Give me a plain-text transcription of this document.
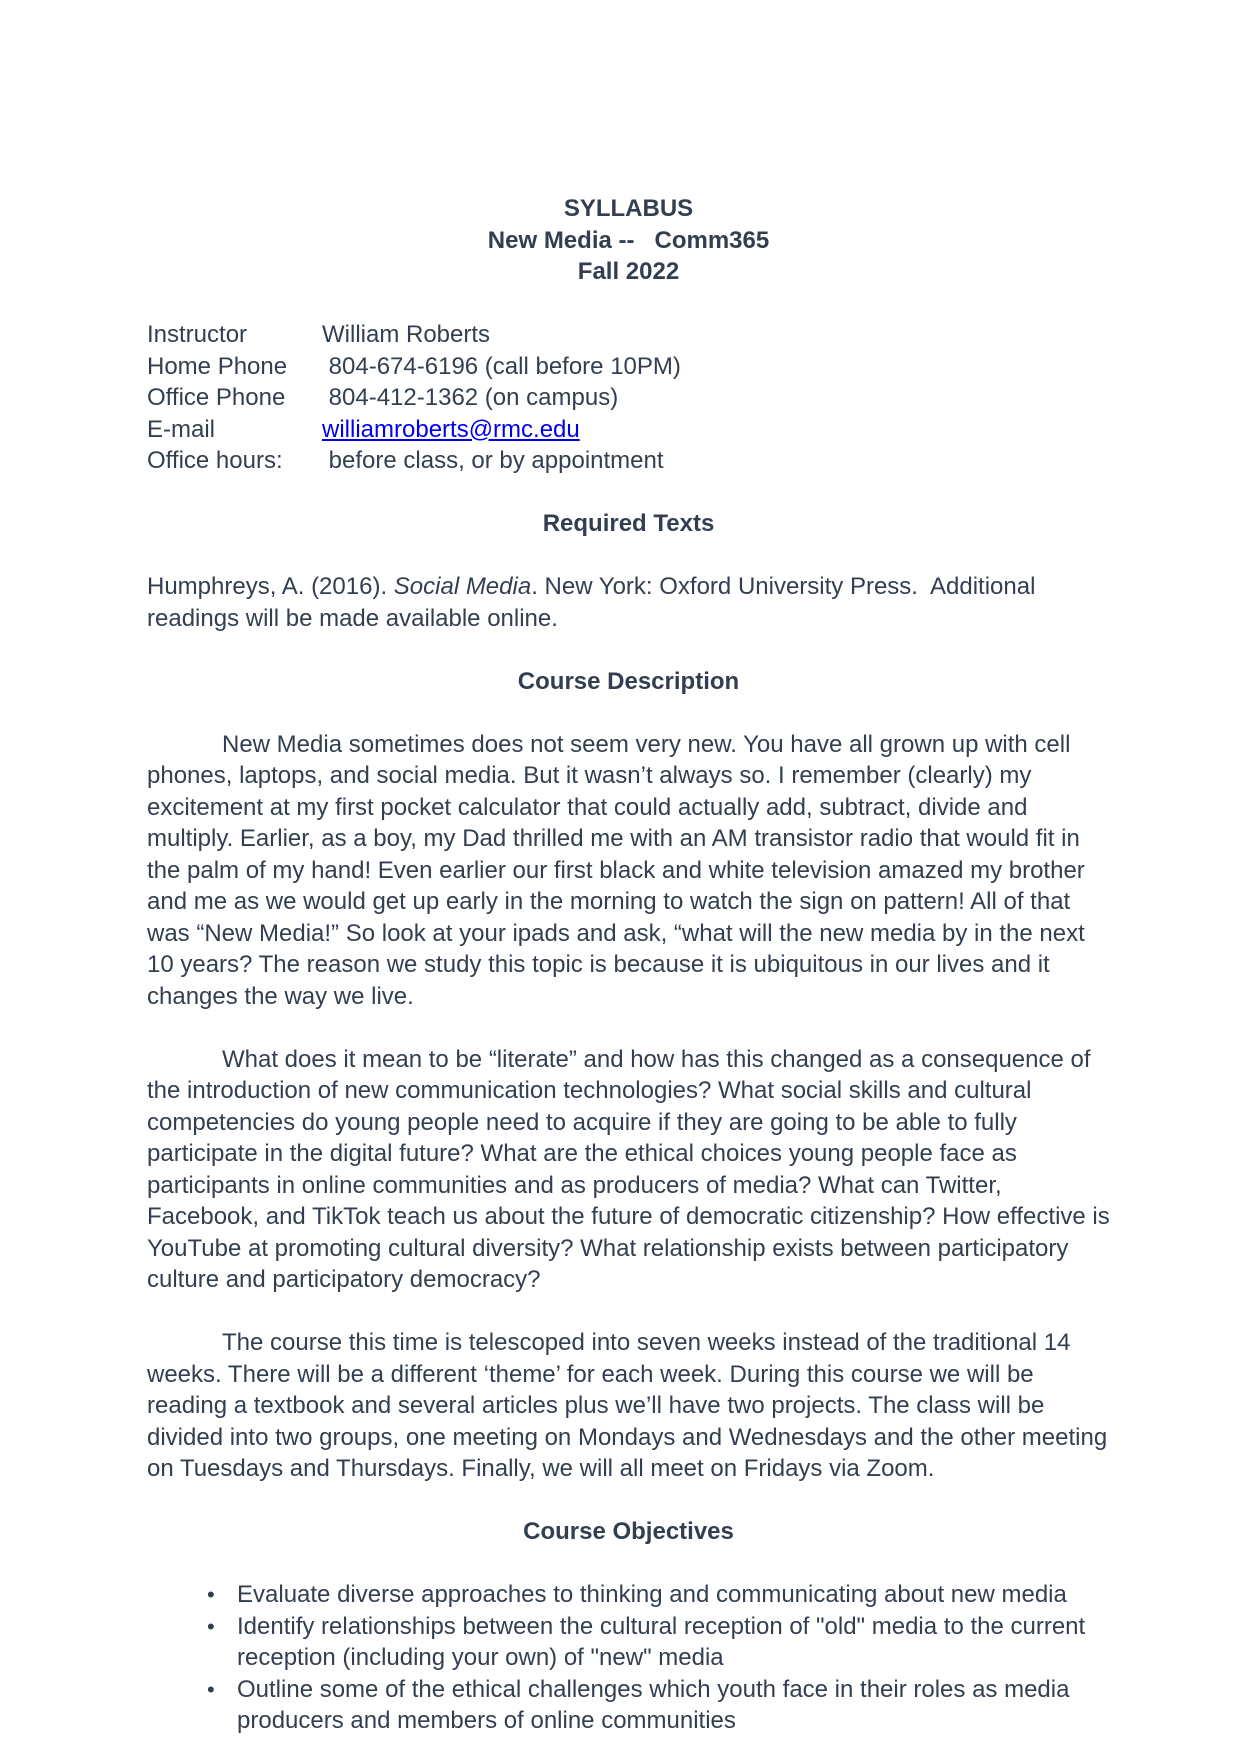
SYLLABUS
New Media --   Comm365
Fall 2022
Instructor	William Roberts
Home Phone	804-674-6196 (call before 10PM)
Office Phone	804-412-1362 (on campus)
E-mail	williamroberts@rmc.edu
Office hours:	before class, or by appointment
Required Texts

Humphreys, A. (2016). Social Media. New York: Oxford University Press.  Additional readings will be made available online.

Course Description

New Media sometimes does not seem very new. You have all grown up with cell phones, laptops, and social media. But it wasn’t always so. I remember (clearly) my excitement at my first pocket calculator that could actually add, subtract, divide and multiply. Earlier, as a boy, my Dad thrilled me with an AM transistor radio that would fit in the palm of my hand! Even earlier our first black and white television amazed my brother and me as we would get up early in the morning to watch the sign on pattern! All of that was “New Media!” So look at your ipads and ask, “what will the new media by in the next 10 years? The reason we study this topic is because it is ubiquitous in our lives and it changes the way we live.

What does it mean to be “literate” and how has this changed as a consequence of the introduction of new communication technologies? What social skills and cultural competencies do young people need to acquire if they are going to be able to fully participate in the digital future? What are the ethical choices young people face as participants in online communities and as producers of media? What can Twitter, Facebook, and TikTok teach us about the future of democratic citizenship? How effective is YouTube at promoting cultural diversity? What relationship exists between participatory culture and participatory democracy?

The course this time is telescoped into seven weeks instead of the traditional 14 weeks. There will be a different ‘theme’ for each week. During this course we will be reading a textbook and several articles plus we’ll have two projects. The class will be divided into two groups, one meeting on Mondays and Wednesdays and the other meeting on Tuesdays and Thursdays. Finally, we will all meet on Fridays via Zoom.

Course Objectives
• Evaluate diverse approaches to thinking and communicating about new media
• Identify relationships between the cultural reception of "old" media to the current reception (including your own) of "new" media
• Outline some of the ethical challenges which youth face in their roles as media producers and members of online communities
